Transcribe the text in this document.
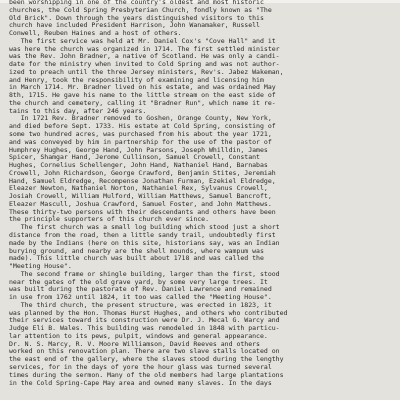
been worshipping in one of the country's oldest and most historic
churches, the Cold Spring Presbyterian Church, fondly known as "The
Old Brick". Down through the years distinguished visitors to this
church have included President Harrison, John Wanamaker, Russell
Conwell, Reuben Haines and a host of others.
The first service was held at Mr. Daniel Cox's "Cove Hall" and it
was here the church was organized in 1714. The first settled minister
was the Rev. John Bradner, a native of Scotland. He was only a candi-
date for the ministry when invited to Cold Spring and was not author-
ized to preach until the three Jersey ministers, Rev's. Jabez Wakeman,
and Henry, took the responsibility of examining and licensing him
in March 1714. Mr. Bradner lived on his estate, and was ordained May
8th, 1715. He gave his name to the little stream on the east side of
the church and cemetery, calling it "Bradner Run", which name it re-
tains to this day, after 246 years.
In 1721 Rev. Bradner removed to Goshen, Orange County, New York,
and died before Sept. 1733. His estate at Cold Spring, consisting of
some two hundred acres, was purchased from his about the year 1721,
and was conveyed by him in partnership for the use of the pastor of
Humphrey Hughes, George Hand, John Parsons, Joseph Whilldin, James
Spicer, Shamgar Hand, Jerome Cullinson, Samuel Crowell, Constant
Hughes, Cornelius Schellenger, John Hand, Nathaniel Hand, Barnabas
Crowell, John Richardson, George Crawford, Benjamin Stites, Jeremiah
Hand, Samuel Eldredge, Recompense Jonathan Furman, Ezekiel Eldredge,
Eleazer Newton, Nathaniel Norton, Nathaniel Rex, Sylvanus Crowell,
Josiah Crowell, William Mulford, William Matthews, Samuel Bancroft,
Eleazer Mascull, Joshua Crawford, Samuel Foster, and John Matthews.
These thirty-two persons with their descendants and others have been
the principle supporters of this church ever since.
The first church was a small log building which stood just a short
distance from the road, then a little sandy trail, undoubtedly first
made by the Indians (here on this site, historians say, was an Indian
burying ground, and nearby are the shell mounds, where wampum was
made). This little church was built about 1718 and was called the
"Meeting House".
The second frame or shingle building, larger than the first, stood
near the gates of the old grave yard, by some very large trees. It
was built during the pastorate of Rev. Daniel Lawrence and remained
in use from 1762 until 1824, it too was called the "Meeting House".
The third church, the present structure, was erected in 1823, it
was planned by the Hon. Thomas Hurst Hughes, and others who contributed
their services toward its construction were Dr. J. Mecal G. Warcy and
Judge Eli B. Wales. This building was remodeled in 1848 with particu-
lar attention to its pews, pulpit, windows and general appearance.
Dr. N. S. Marcy, R. V. Moore Williamson, David Reeves and others
worked on this renovation plan. There are two slave stalls located on
the east end of the gallery, where the slaves stood during the lengthy
services, for in the days of yore the hour glass was turned several
times during the sermon. Many of the old members had large plantations
in the Cold Spring-Cape May area and owned many slaves. In the days
